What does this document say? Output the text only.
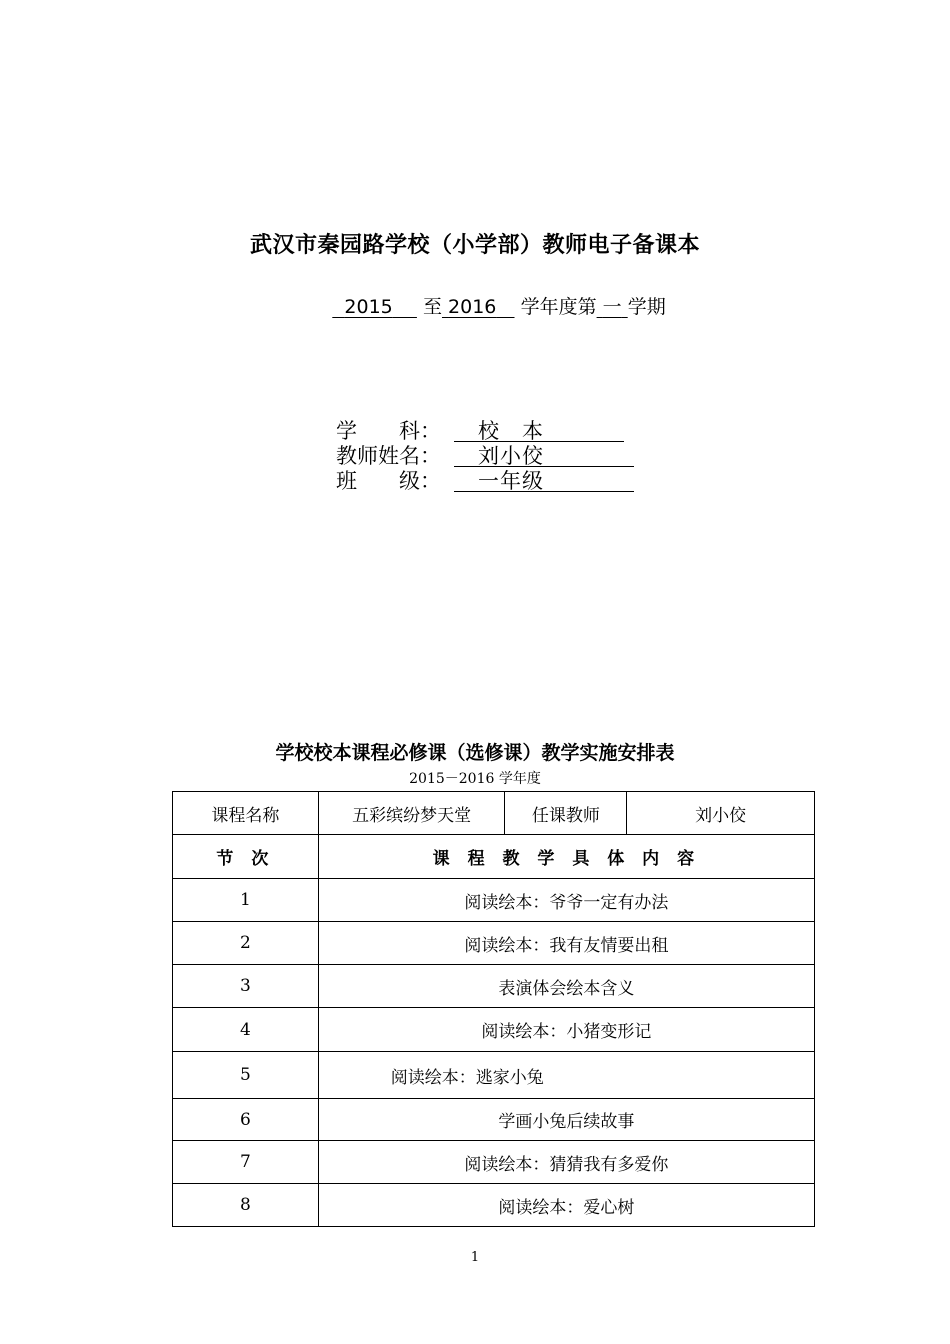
武汉市秦园路学校（小学部）教师电子备课本
2015 至 2016 学年度第 一 学期
学　　科： 校　本
教师姓名： 刘小佼
班　　级： 一年级
学校校本课程必修课（选修课）教学实施安排表
2015－2016 学年度
课程名称	五彩缤纷梦天堂	任课教师	刘小佼
节 次	课 程 教 学 具 体 内 容		
1	阅读绘本：爷爷一定有办法		
2	阅读绘本：我有友情要出租		
3	表演体会绘本含义		
4	阅读绘本：小猪变形记		
5	阅读绘本：逃家小兔		
6	学画小兔后续故事		
7	阅读绘本：猜猜我有多爱你		
8	阅读绘本：爱心树		
1
